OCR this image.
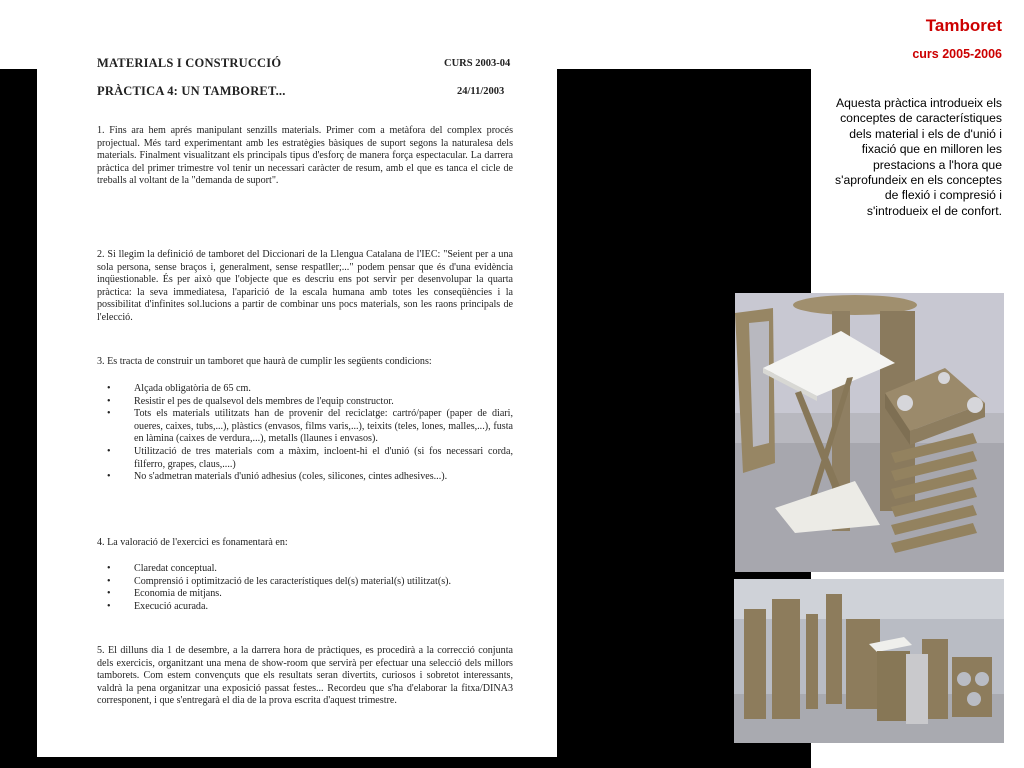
MATERIALS I CONSTRUCCIÓ	CURS 2003-04
PRÀCTICA 4: UN TAMBORET...	24/11/2003
1. Fins ara hem aprés manipulant senzills materials. Primer com a metàfora del complex procés projectual. Més tard experimentant amb les estratègies bàsiques de suport segons la naturalesa dels materials. Finalment visualitzant els principals tipus d'esforç de manera força espectacular. La darrera pràctica del primer trimestre vol tenir un necessari caràcter de resum, amb el que es tanca el cicle de treballs al voltant de la "demanda de suport".
2. Si llegim la definició de tamboret del Diccionari de la Llengua Catalana de l'IEC: "Seient per a una sola persona, sense braços i, generalment, sense respatller;..." podem pensar que és d'una evidència inqüestionable. És per això que l'objecte que es descriu ens pot servir per desenvolupar la quarta pràctica: la seva immediatesa, l'aparició de la escala humana amb totes les conseqüències i la possibilitat d'infinites sol.lucions a partir de combinar uns pocs materials, son les raons principals de l'elecció.
3. Es tracta de construir un tamboret que haurà de cumplir les següents condicions:
• Alçada obligatòria de 65 cm.
• Resistir el pes de qualsevol dels membres de l'equip constructor.
• Tots els materials utilitzats han de provenir del reciclatge: cartró/paper (paper de diari, oueres, caixes, tubs,...), plàstics (envasos, films varis,...), teixits (teles, lones, malles,...), fusta en làmina (caixes de verdura,...), metalls (llaunes i envasos).
• Utilització de tres materials com a màxim, incloent-hi el d'unió (si fos necessari corda, filferro, grapes, claus,....)
• No s'admetran materials d'unió adhesius (coles, silicones, cintes adhesives...).
4. La valoració de l'exercici es fonamentarà en:
• Claredat conceptual.
• Comprensió i optimització de les característiques del(s) material(s) utilitzat(s).
• Economia de mitjans.
• Execució acurada.
5. El dilluns dia 1 de desembre, a la darrera hora de pràctiques, es procedirà a la correcció conjunta dels exercicis, organitzant una mena de show-room que servirà per efectuar una selecció dels millors tamborets. Com estem convençuts que els resultats seran divertits, curiosos i sobretot interessants, valdrà la pena organitzar una exposició passat festes... Recordeu que s'ha d'elaborar la fitxa/DINA3 corresponent, i que s'entregarà el dia de la prova escrita d'aquest trimestre.
Tamboret
curs 2005-2006
Aquesta pràctica introdueix els conceptes de característiques dels material i els de d'unió i fixació que en milloren les prestacions a l'hora que s'aprofundeix en els conceptes de flexió i compresió i s'introdueix el de confort.
